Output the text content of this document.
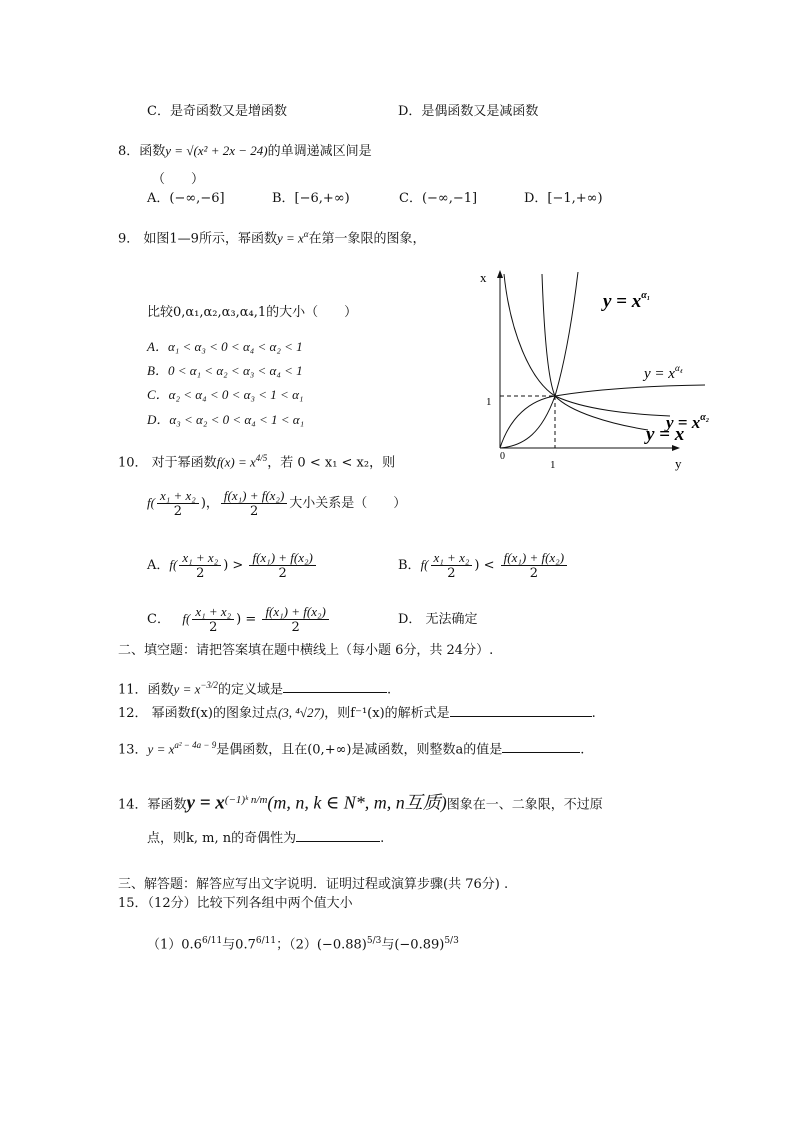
C．是奇函数又是增函数	D．是偶函数又是减函数
8．函数y = √(x² + 2x − 24)的单调递减区间是
（　　）
A．(−∞,−6]	B．[−6,+∞)	C．(−∞,−1]	D．[−1,+∞)
9． 如图1—9所示，幂函数$y = x^\alpha$在第一象限的图象，
比较0,α₁,α₂,α₃,α₄,1的大小（　　）
A．α₁ < α₃ < 0 < α₄ < α₂ < 1
B．0 < α₁ < α₂ < α₃ < α₄ < 1
C．α₂ < α₄ < 0 < α₃ < 1 < α₁
D．α₃ < α₂ < 0 < α₄ < 1 < α₁
x
y
0
1
1
$y = x^{\alpha_1}$
$y = x^{\alpha_4}$
$y = x^{\alpha_2}$
y = x
10． 对于幂函数$f(x) = x^{4/5}$，若 0 < x₁ < x₂，则
$f( \frac{\text{x₁ + x₂}}{2}$ )， $\frac{\text{f(x₁) + f(x₂)}}{2}$ 大小关系是（　　）
A．$f( \frac{\text{x₁ + x₂}}{2}$ ) > $\frac{\text{f(x₁) + f(x₂)}}{2}$	B．$f( \frac{\text{x₁ + x₂}}{2}$ ) < $\frac{\text{f(x₁) + f(x₂)}}{2}$
C． $f( \frac{\text{x₁ + x₂}}{2}$ ) = $\frac{\text{f(x₁) + f(x₂)}}{2}$	D． 无法确定
二、填空题：请把答案填在题中横线上（每小题 6分，共 24分）.
11．函数$y = x^{-3/2}$的定义域是	.
12． 幂函数f(x)的图象过点(3, ⁴√27)，则f⁻¹(x)的解析式是	.
13．$y = x^{a^2 - 4a - 9}$是偶函数，且在(0,+∞)是减函数，则整数a的值是	.
14．幂函数$y = x^{(-1)ᵏ n/m}(m$, n, k ∈ N*, m, n互质)图象在一、二象限，不过原
点，则k, m, n的奇偶性为	.
三、解答题：解答应写出文字说明．证明过程或演算步骤(共 76分) .
15．（12分）比较下列各组中两个值大小
$(1)0.6^{6/11}$与$0.7^{6/11}$；$(2)(-0.88)^{5/3}$与$(-0.89)^{5/3}$
